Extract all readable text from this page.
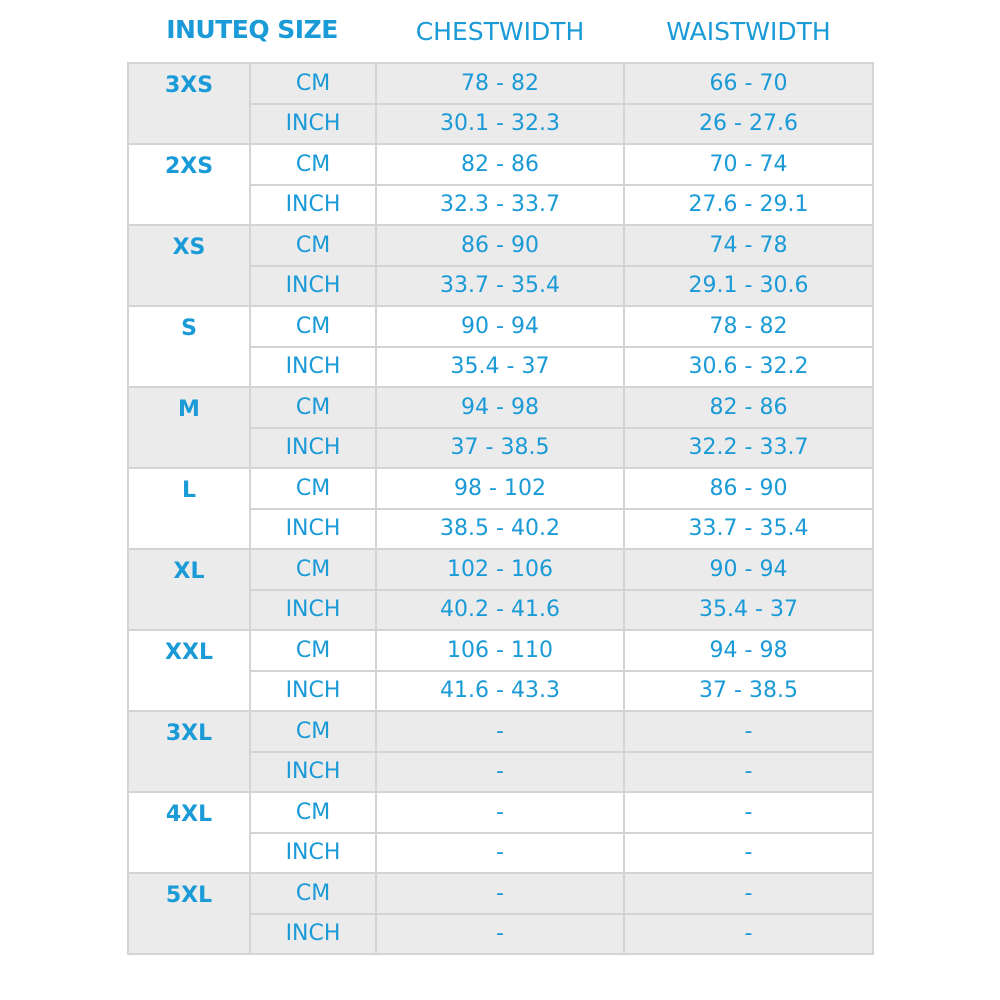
INUTEQ SIZE	CHESTWIDTH	WAISTWIDTH
3XS	CM	78 - 82	66 - 70
	INCH	30.1 - 32.3	26 - 27.6
2XS	CM	82 - 86	70 - 74
	INCH	32.3 - 33.7	27.6 - 29.1
XS	CM	86 - 90	74 - 78
	INCH	33.7 - 35.4	29.1 - 30.6
S	CM	90 - 94	78 - 82
	INCH	35.4 - 37	30.6 - 32.2
M	CM	94 - 98	82 - 86
	INCH	37 - 38.5	32.2 - 33.7
L	CM	98 - 102	86 - 90
	INCH	38.5 - 40.2	33.7 - 35.4
XL	CM	102 - 106	90 - 94
	INCH	40.2 - 41.6	35.4 - 37
XXL	CM	106 - 110	94 - 98
	INCH	41.6 - 43.3	37 - 38.5
3XL	CM	-	-
	INCH	-	-
4XL	CM	-	-
	INCH	-	-
5XL	CM	-	-
	INCH	-	-
